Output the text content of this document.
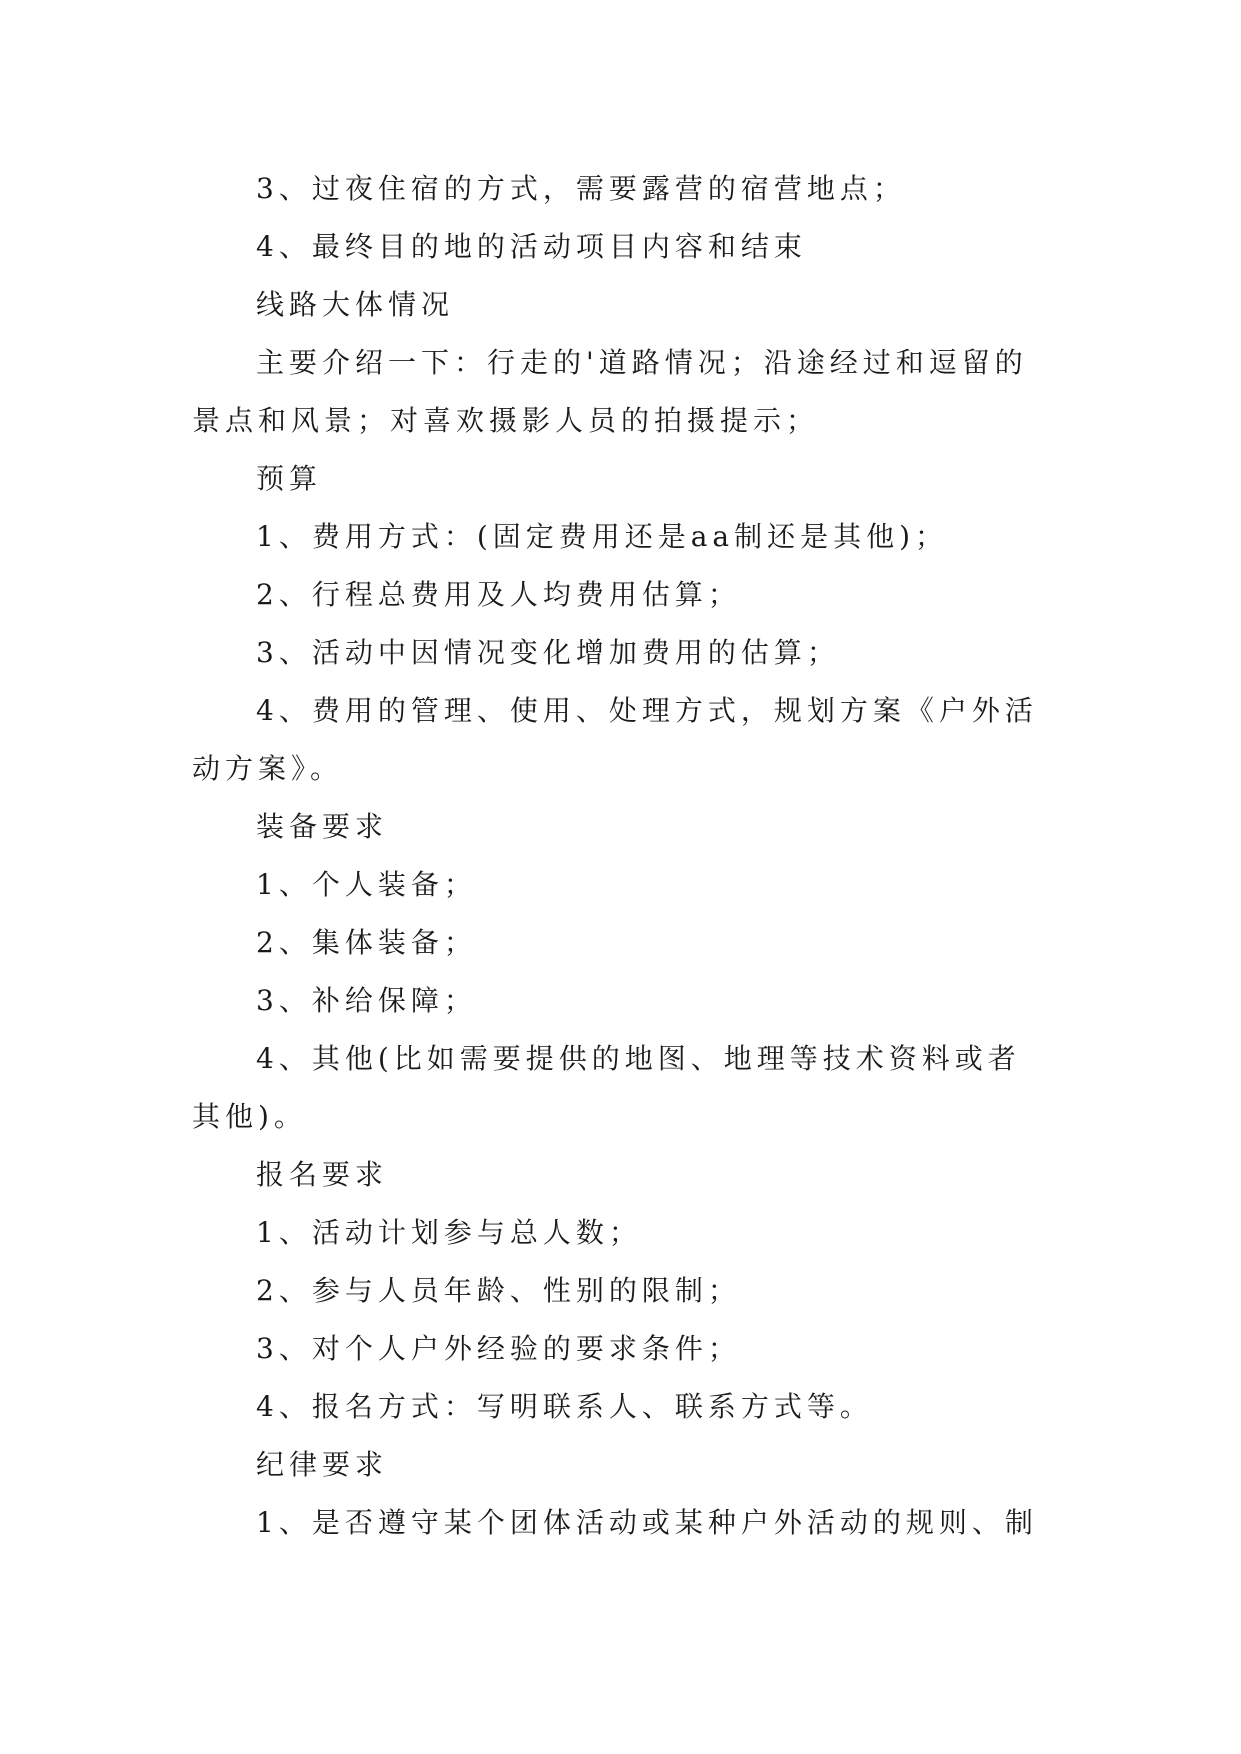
3、过夜住宿的方式，需要露营的宿营地点；

4、最终目的地的活动项目内容和结束

线路大体情况

主要介绍一下：行走的'道路情况；沿途经过和逗留的景点和风景；对喜欢摄影人员的拍摄提示；

预算

1、费用方式：(固定费用还是aa制还是其他)；

2、行程总费用及人均费用估算；

3、活动中因情况变化增加费用的估算；

4、费用的管理、使用、处理方式，规划方案《户外活动方案》。

装备要求

1、个人装备；

2、集体装备；

3、补给保障；

4、其他(比如需要提供的地图、地理等技术资料或者其他)。

报名要求

1、活动计划参与总人数；

2、参与人员年龄、性别的限制；

3、对个人户外经验的要求条件；

4、报名方式：写明联系人、联系方式等。

纪律要求

1、是否遵守某个团体活动或某种户外活动的规则、制
